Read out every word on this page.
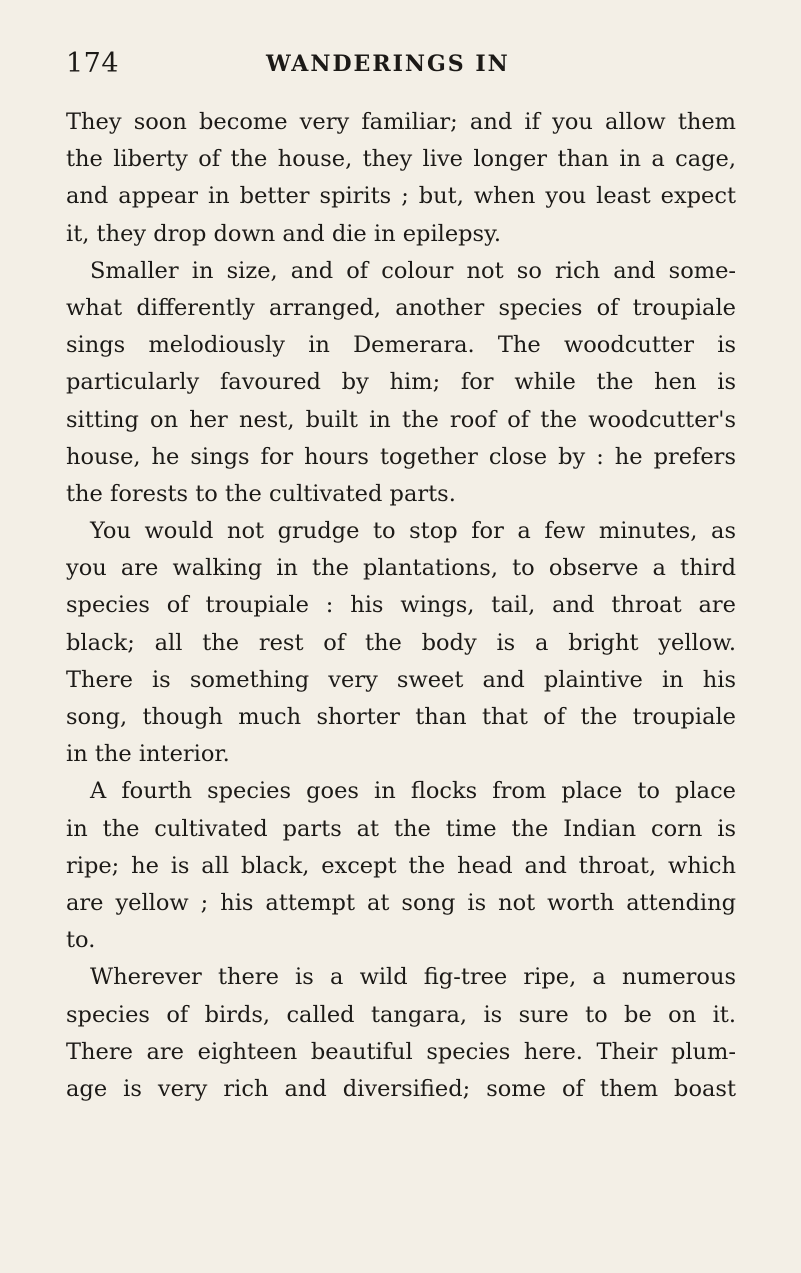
174	WANDERINGS IN
They soon become very familiar; and if you allow them
the liberty of the house, they live longer than in a cage,
and appear in better spirits ; but, when you least expect
it, they drop down and die in epilepsy.
Smaller in size, and of colour not so rich and some-
what differently arranged, another species of troupiale
sings melodiously in Demerara. The woodcutter is
particularly favoured by him; for while the hen is
sitting on her nest, built in the roof of the woodcutter's
house, he sings for hours together close by : he prefers
the forests to the cultivated parts.
You would not grudge to stop for a few minutes, as
you are walking in the plantations, to observe a third
species of troupiale : his wings, tail, and throat are
black; all the rest of the body is a bright yellow.
There is something very sweet and plaintive in his
song, though much shorter than that of the troupiale
in the interior.
A fourth species goes in flocks from place to place
in the cultivated parts at the time the Indian corn is
ripe; he is all black, except the head and throat, which
are yellow ; his attempt at song is not worth attending
to.
Wherever there is a wild fig-tree ripe, a numerous
species of birds, called tangara, is sure to be on it.
There are eighteen beautiful species here. Their plum-
age is very rich and diversified; some of them boast
